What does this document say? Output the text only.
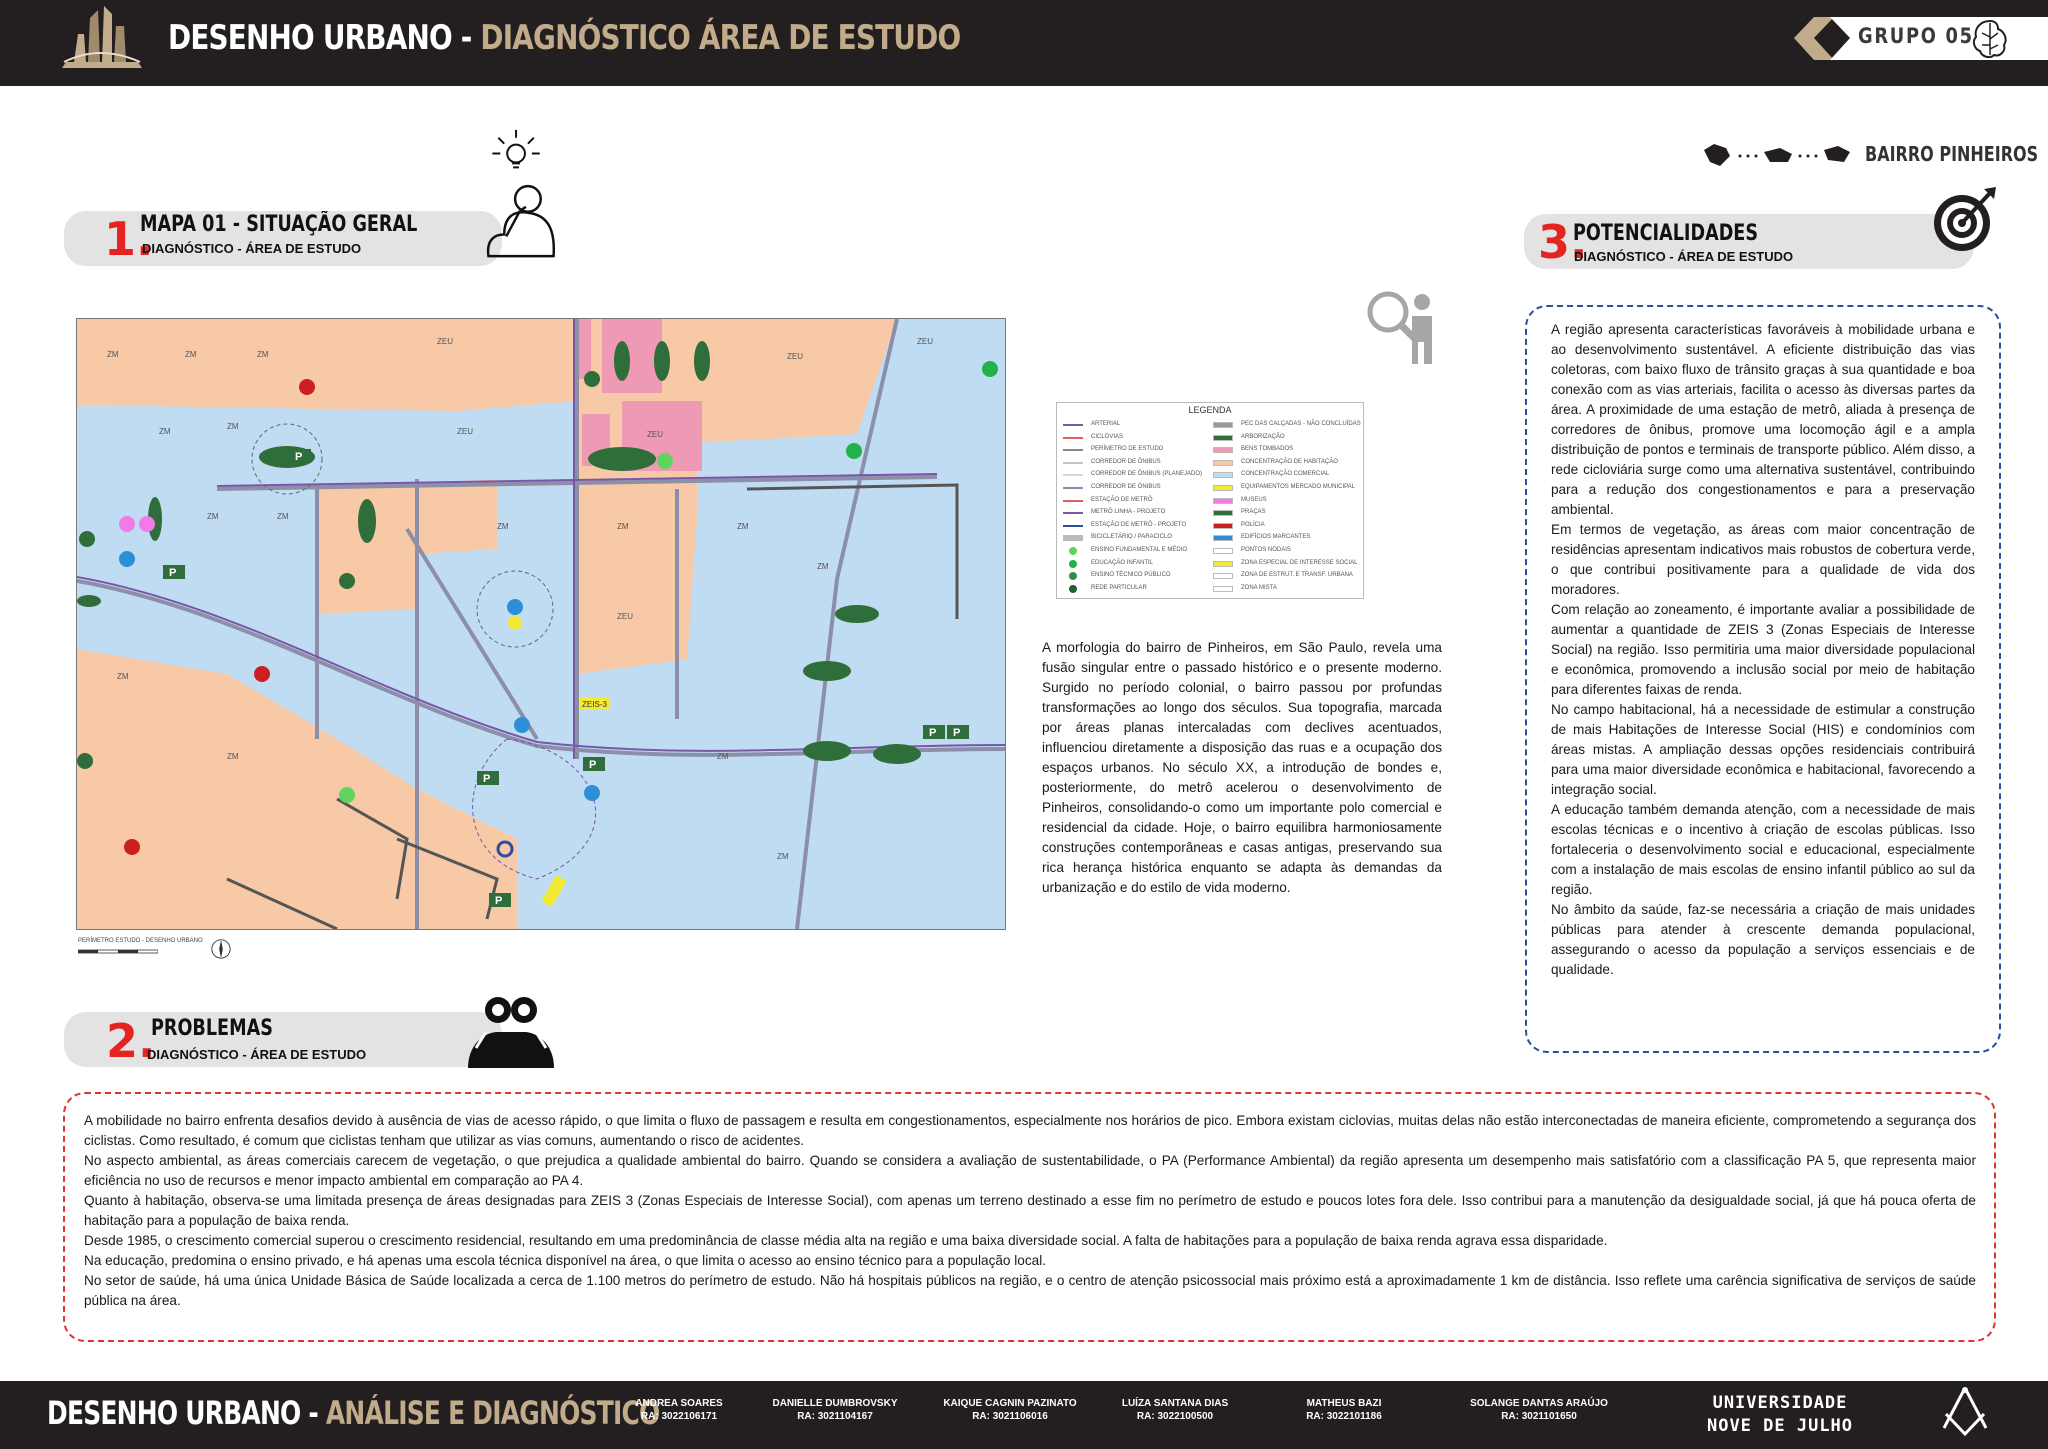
DESENHO URBANO - DIAGNÓSTICO ÁREA DE ESTUDO	GRUPO 05
1.
MAPA 01 - SITUAÇÃO GERAL
DIAGNÓSTICO - ÁREA DE ESTUDO
BAIRRO PINHEIROS
3.
POTENCIALIDADES
DIAGNÓSTICO - ÁREA DE ESTUDO
P
P
P
P
P P
P
ZEIS-3
ZM	ZM	ZM
ZM
ZM
ZM	ZM
ZM	ZM	ZM
ZM
ZM
ZM	ZM
ZM
ZEU
ZEU	ZEU
ZEU
ZEU
ZEU
PERÍMETRO ESTUDO - DESENHO URBANO
LEGENDA
ARTERIAL
CICLOVIAS
PERÍMETRO DE ESTUDO
CORREDOR DE ÔNIBUS
CORREDOR DE ÔNIBUS (PLANEJADO)
CORREDOR DE ÔNIBUS
ESTAÇÃO DE METRÔ
METRÔ LINHA - PROJETO
ESTAÇÃO DE METRÔ - PROJETO
BICICLETÁRIO / PARACICLO
ENSINO FUNDAMENTAL E MÉDIO
EDUCAÇÃO INFANTIL
ENSINO TÉCNICO PÚBLICO
REDE PARTICULAR
PEC DAS CALÇADAS - NÃO CONCLUÍDAS
ARBORIZAÇÃO
BENS TOMBADOS
CONCENTRAÇÃO DE HABITAÇÃO
CONCENTRAÇÃO COMERCIAL
EQUIPAMENTOS MERCADO MUNICIPAL
MUSEUS
PRAÇAS
POLÍCIA
EDIFÍCIOS MARCANTES
PONTOS NODAIS
ZONA ESPECIAL DE INTERESSE SOCIAL
ZONA DE ESTRUT. E TRANSF. URBANA
ZONA MISTA
A morfologia do bairro de Pinheiros, em São Paulo, revela uma fusão singular entre o passado histórico e o presente moderno. Surgido no período colonial, o bairro passou por profundas transformações ao longo dos séculos. Sua topografia, marcada por áreas planas intercaladas com declives acentuados, influenciou diretamente a disposição das ruas e a ocupação dos espaços urbanos. No século XX, a introdução de bondes e, posteriormente, do metrô acelerou o desenvolvimento de Pinheiros, consolidando-o como um importante polo comercial e residencial da cidade. Hoje, o bairro equilibra harmoniosamente construções contemporâneas e casas antigas, preservando sua rica herança histórica enquanto se adapta às demandas da urbanização e do estilo de vida moderno.

A região apresenta características favoráveis à mobilidade urbana e ao desenvolvimento sustentável. A eficiente distribuição das vias coletoras, com baixo fluxo de trânsito graças à sua quantidade e boa conexão com as vias arteriais, facilita o acesso às diversas partes da área. A proximidade de uma estação de metrô, aliada à presença de corredores de ônibus, promove uma locomoção ágil e a ampla distribuição de pontos e terminais de transporte público. Além disso, a rede cicloviária surge como uma alternativa sustentável, contribuindo para a redução dos congestionamentos e para a preservação ambiental.

Em termos de vegetação, as áreas com maior concentração de residências apresentam indicativos mais robustos de cobertura verde, o que contribui positivamente para a qualidade de vida dos moradores.

Com relação ao zoneamento, é importante avaliar a possibilidade de aumentar a quantidade de ZEIS 3 (Zonas Especiais de Interesse Social) na região. Isso permitiria uma maior diversidade populacional e econômica, promovendo a inclusão social por meio de habitação para diferentes faixas de renda.

No campo habitacional, há a necessidade de estimular a construção de mais Habitações de Interesse Social (HIS) e condomínios com áreas mistas. A ampliação dessas opções residenciais contribuirá para uma maior diversidade econômica e habitacional, favorecendo a integração social.

A educação também demanda atenção, com a necessidade de mais escolas técnicas e o incentivo à criação de escolas públicas. Isso fortaleceria o desenvolvimento social e educacional, especialmente com a instalação de mais escolas de ensino infantil público ao sul da região.

No âmbito da saúde, faz-se necessária a criação de mais unidades públicas para atender à crescente demanda populacional, assegurando o acesso da população a serviços essenciais e de qualidade.

2.
PROBLEMAS
DIAGNÓSTICO - ÁREA DE ESTUDO

A mobilidade no bairro enfrenta desafios devido à ausência de vias de acesso rápido, o que limita o fluxo de passagem e resulta em congestionamentos, especialmente nos horários de pico. Embora existam ciclovias, muitas delas não estão interconectadas de maneira eficiente, comprometendo a segurança dos ciclistas. Como resultado, é comum que ciclistas tenham que utilizar as vias comuns, aumentando o risco de acidentes.

No aspecto ambiental, as áreas comerciais carecem de vegetação, o que prejudica a qualidade ambiental do bairro. Quando se considera a avaliação de sustentabilidade, o PA (Performance Ambiental) da região apresenta um desempenho mais satisfatório com a classificação PA 5, que representa maior eficiência no uso de recursos e menor impacto ambiental em comparação ao PA 4.

Quanto à habitação, observa-se uma limitada presença de áreas designadas para ZEIS 3 (Zonas Especiais de Interesse Social), com apenas um terreno destinado a esse fim no perímetro de estudo e poucos lotes fora dele. Isso contribui para a manutenção da desigualdade social, já que há pouca oferta de habitação para a população de baixa renda.

Desde 1985, o crescimento comercial superou o crescimento residencial, resultando em uma predominância de classe média alta na região e uma baixa diversidade social. A falta de habitações para a população de baixa renda agrava essa disparidade.

Na educação, predomina o ensino privado, e há apenas uma escola técnica disponível na área, o que limita o acesso ao ensino técnico para a população local.

No setor de saúde, há uma única Unidade Básica de Saúde localizada a cerca de 1.100 metros do perímetro de estudo. Não há hospitais públicos na região, e o centro de atenção psicossocial mais próximo está a aproximadamente 1 km de distância. Isso reflete uma carência significativa de serviços de saúde pública na área.

DESENHO URBANO - ANÁLISE E DIAGNÓSTICO
ANDREA SOARES
RA: 3022106171
DANIELLE DUMBROVSKY
RA: 3021104167
KAIQUE CAGNIN PAZINATO
RA: 3021106016
LUÍZA SANTANA DIAS
RA: 3022100500
MATHEUS BAZI
RA: 3022101186
SOLANGE DANTAS ARAÚJO
RA: 3021101650
UNIVERSIDADE
NOVE DE JULHO
